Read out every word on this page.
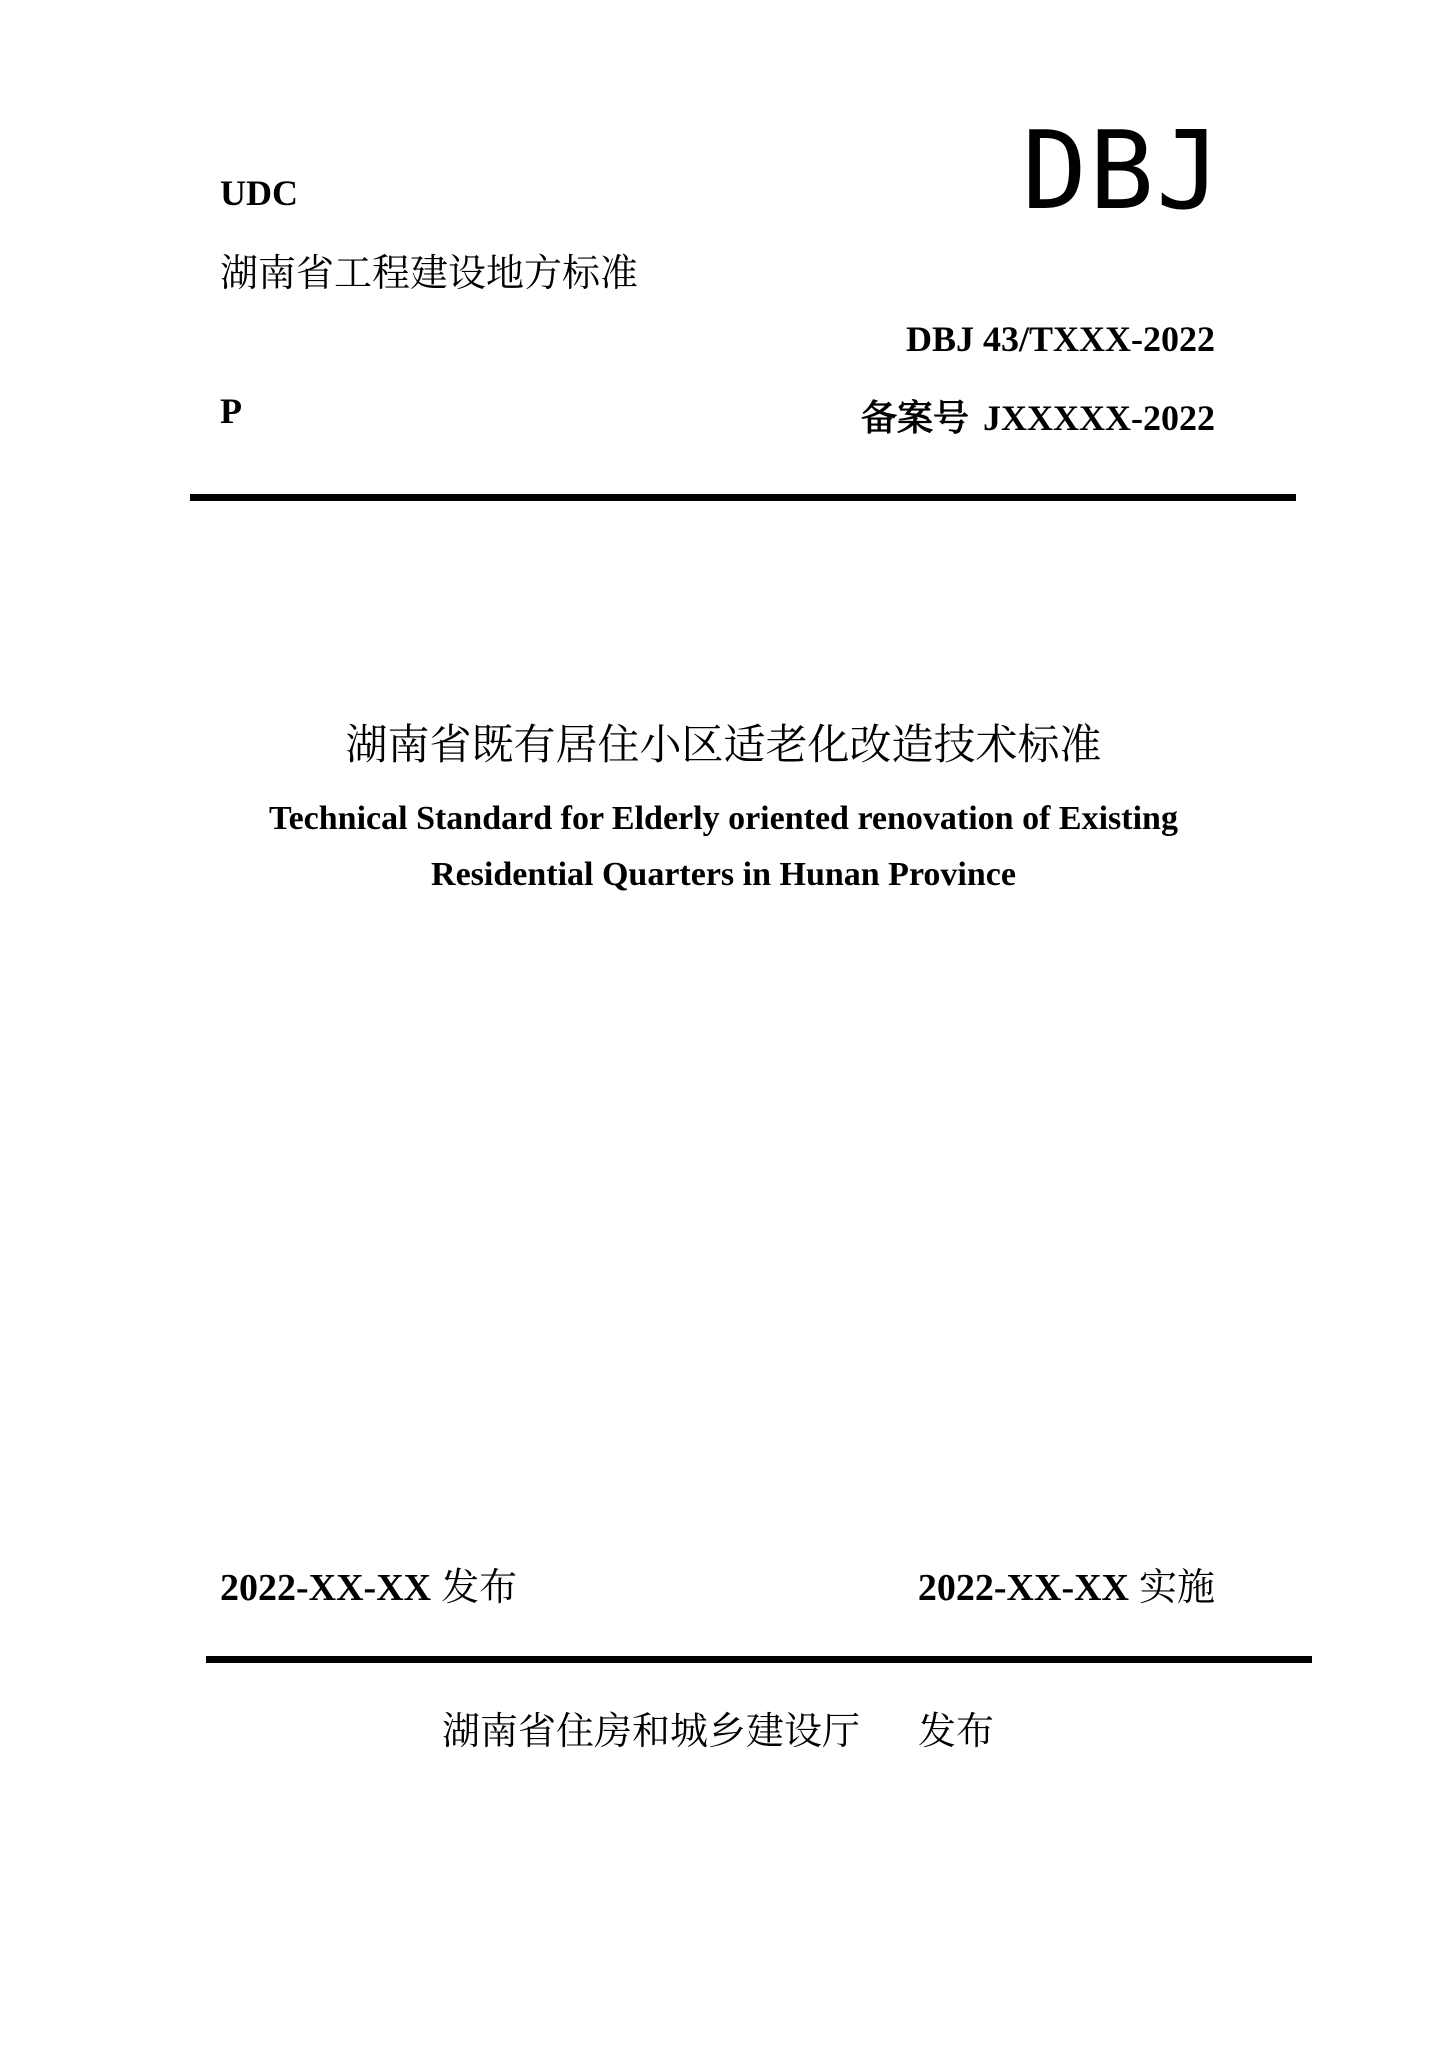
UDC
湖南省工程建设地方标准
DBJ
DBJ 43/TXXX-2022
P	备案号 JXXXXX-2022
湖南省既有居住小区适老化改造技术标准
Technical Standard for Elderly oriented renovation of Existing
Residential Quarters in Hunan Province
2022-XX-XX 发布	2022-XX-XX 实施
湖南省住房和城乡建设厅 发布
